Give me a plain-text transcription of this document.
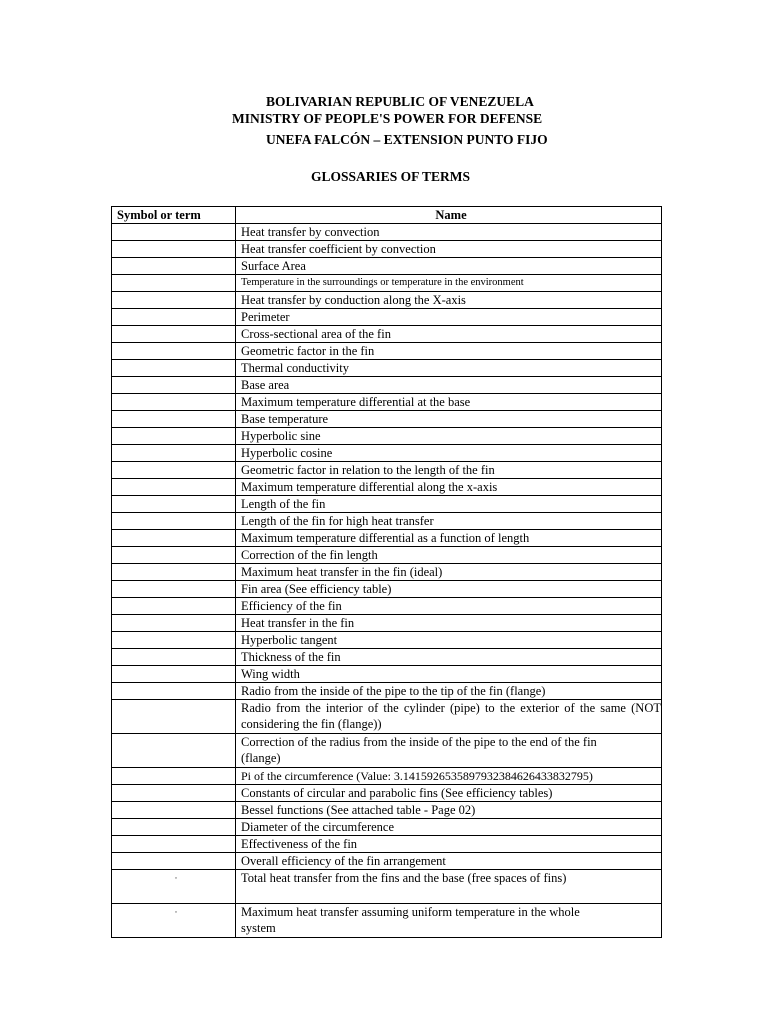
BOLIVARIAN REPUBLIC OF VENEZUELA
MINISTRY OF PEOPLE'S POWER FOR DEFENSE
UNEFA FALCÓN – EXTENSION PUNTO FIJO
GLOSSARIES OF TERMS
Symbol or term	Name
	Heat transfer by convection
	Heat transfer coefficient by convection
	Surface Area
	Temperature in the surroundings or temperature in the environment
	Heat transfer by conduction along the X-axis
	Perimeter
	Cross-sectional area of the fin
	Geometric factor in the fin
	Thermal conductivity
	Base area
	Maximum temperature differential at the base
	Base temperature
	Hyperbolic sine
	Hyperbolic cosine
	Geometric factor in relation to the length of the fin
	Maximum temperature differential along the x-axis
	Length of the fin
	Length of the fin for high heat transfer
	Maximum temperature differential as a function of length
	Correction of the fin length
	Maximum heat transfer in the fin (ideal)
	Fin area (See efficiency table)
	Efficiency of the fin
	Heat transfer in the fin
	Hyperbolic tangent
	Thickness of the fin
	Wing width
	Radio from the inside of the pipe to the tip of the fin (flange)
	Radio from the interior of the cylinder (pipe) to the exterior of the same (NOT considering the fin (flange))
	Correction of the radius from the inside of the pipe to the end of the fin (flange)
	Pi of the circumference (Value: 3.14159265358979323846264338327​95)
	Constants of circular and parabolic fins (See efficiency tables)
	Bessel functions (See attached table - Page 02)
	Diameter of the circumference
	Effectiveness of the fin
	Overall efficiency of the fin arrangement
·	Total heat transfer from the fins and the base (free spaces of fins)
·	Maximum heat transfer assuming uniform temperature in the whole system
